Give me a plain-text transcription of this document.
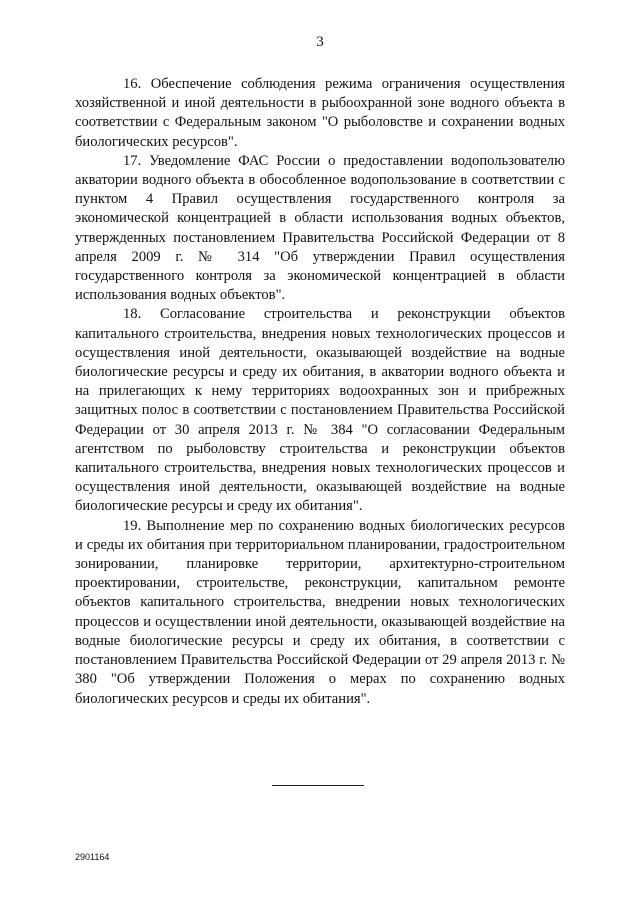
3

16. Обеспечение соблюдения режима ограничения осуществления хозяйственной и иной деятельности в рыбоохранной зоне водного объекта в соответствии с Федеральным законом "О рыболовстве и сохранении водных биологических ресурсов".

17. Уведомление ФАС России о предоставлении водопользователю акватории водного объекта в обособленное водопользование в соответствии с пунктом 4 Правил осуществления государственного контроля за экономической концентрацией в области использования водных объектов, утвержденных постановлением Правительства Российской Федерации от 8 апреля 2009 г. № 314 "Об утверждении Правил осуществления государственного контроля за экономической концентрацией в области использования водных объектов".

18. Согласование строительства и реконструкции объектов капитального строительства, внедрения новых технологических процессов и осуществления иной деятельности, оказывающей воздействие на водные биологические ресурсы и среду их обитания, в акватории водного объекта и на прилегающих к нему территориях водоохранных зон и прибрежных защитных полос в соответствии с постановлением Правительства Российской Федерации от 30 апреля 2013 г. № 384 "О согласовании Федеральным агентством по рыболовству строительства и реконструкции объектов капитального строительства, внедрения новых технологических процессов и осуществления иной деятельности, оказывающей воздействие на водные биологические ресурсы и среду их обитания".

19. Выполнение мер по сохранению водных биологических ресурсов и среды их обитания при территориальном планировании, градостроительном зонировании, планировке территории, архитектурно-строительном проектировании, строительстве, реконструкции, капитальном ремонте объектов капитального строительства, внедрении новых технологических процессов и осуществлении иной деятельности, оказывающей воздействие на водные биологические ресурсы и среду их обитания, в соответствии с постановлением Правительства Российской Федерации от 29 апреля 2013 г. № 380 "Об утверждении Положения о мерах по сохранению водных биологических ресурсов и среды их обитания".

2901164
